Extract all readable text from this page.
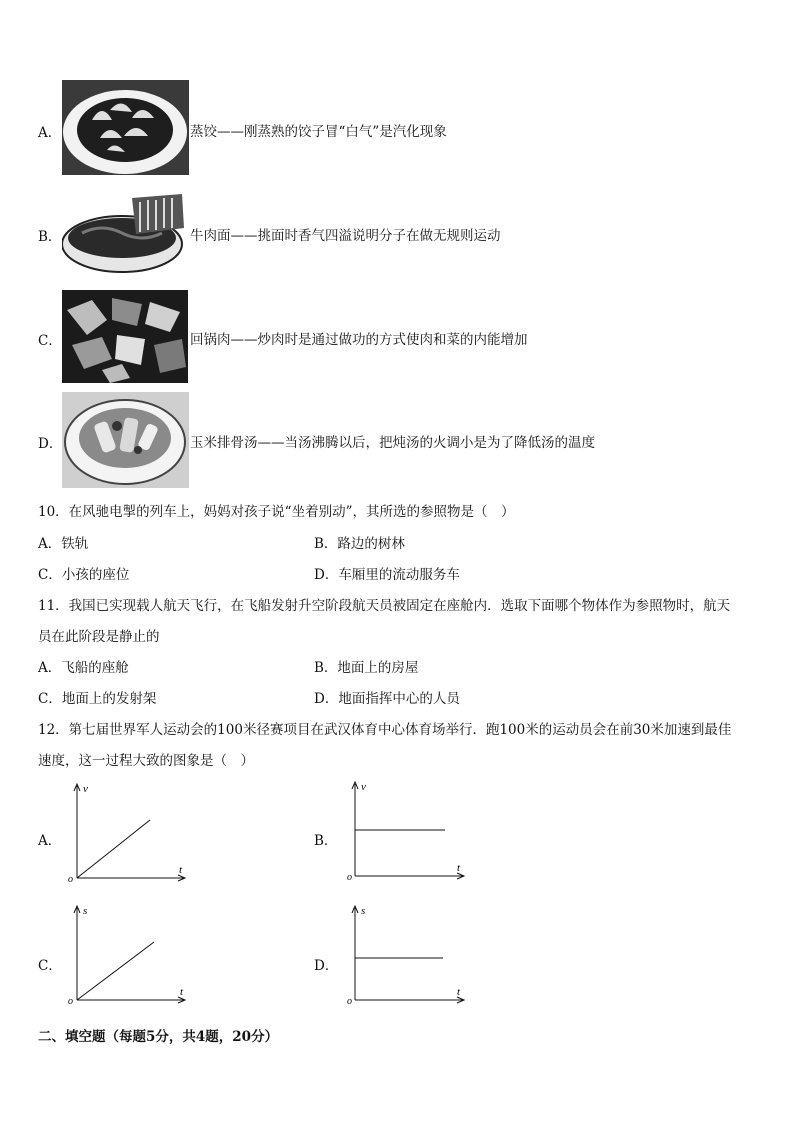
A．	蒸饺——刚蒸熟的饺子冒“白气”是汽化现象
B．	牛肉面——挑面时香气四溢说明分子在做无规则运动
C．	回锅肉——炒肉时是通过做功的方式使肉和菜的内能增加
D．	玉米排骨汤——当汤沸腾以后，把炖汤的火调小是为了降低汤的温度
10．在风驰电掣的列车上，妈妈对孩子说“坐着别动”，其所选的参照物是（　）
A．铁轨	B．路边的树林
C．小孩的座位	D．车厢里的流动服务车
11．我国已实现载人航天飞行，在飞船发射升空阶段航天员被固定在座舱内．选取下面哪个物体作为参照物时，航天
员在此阶段是静止的
A．飞船的座舱	B．地面上的房屋
C．地面上的发射架	D．地面指挥中心的人员
12．第七届世界军人运动会的100米径赛项目在武汉体育中心体育场举行．跑100米的运动员会在前30米加速到最佳
速度，这一过程大致的图象是（　）
A．
v
t
o
B．
v
t
o
C．
s
t
o
D．
s
t
o
二、填空题（每题5分，共4题，20分）
